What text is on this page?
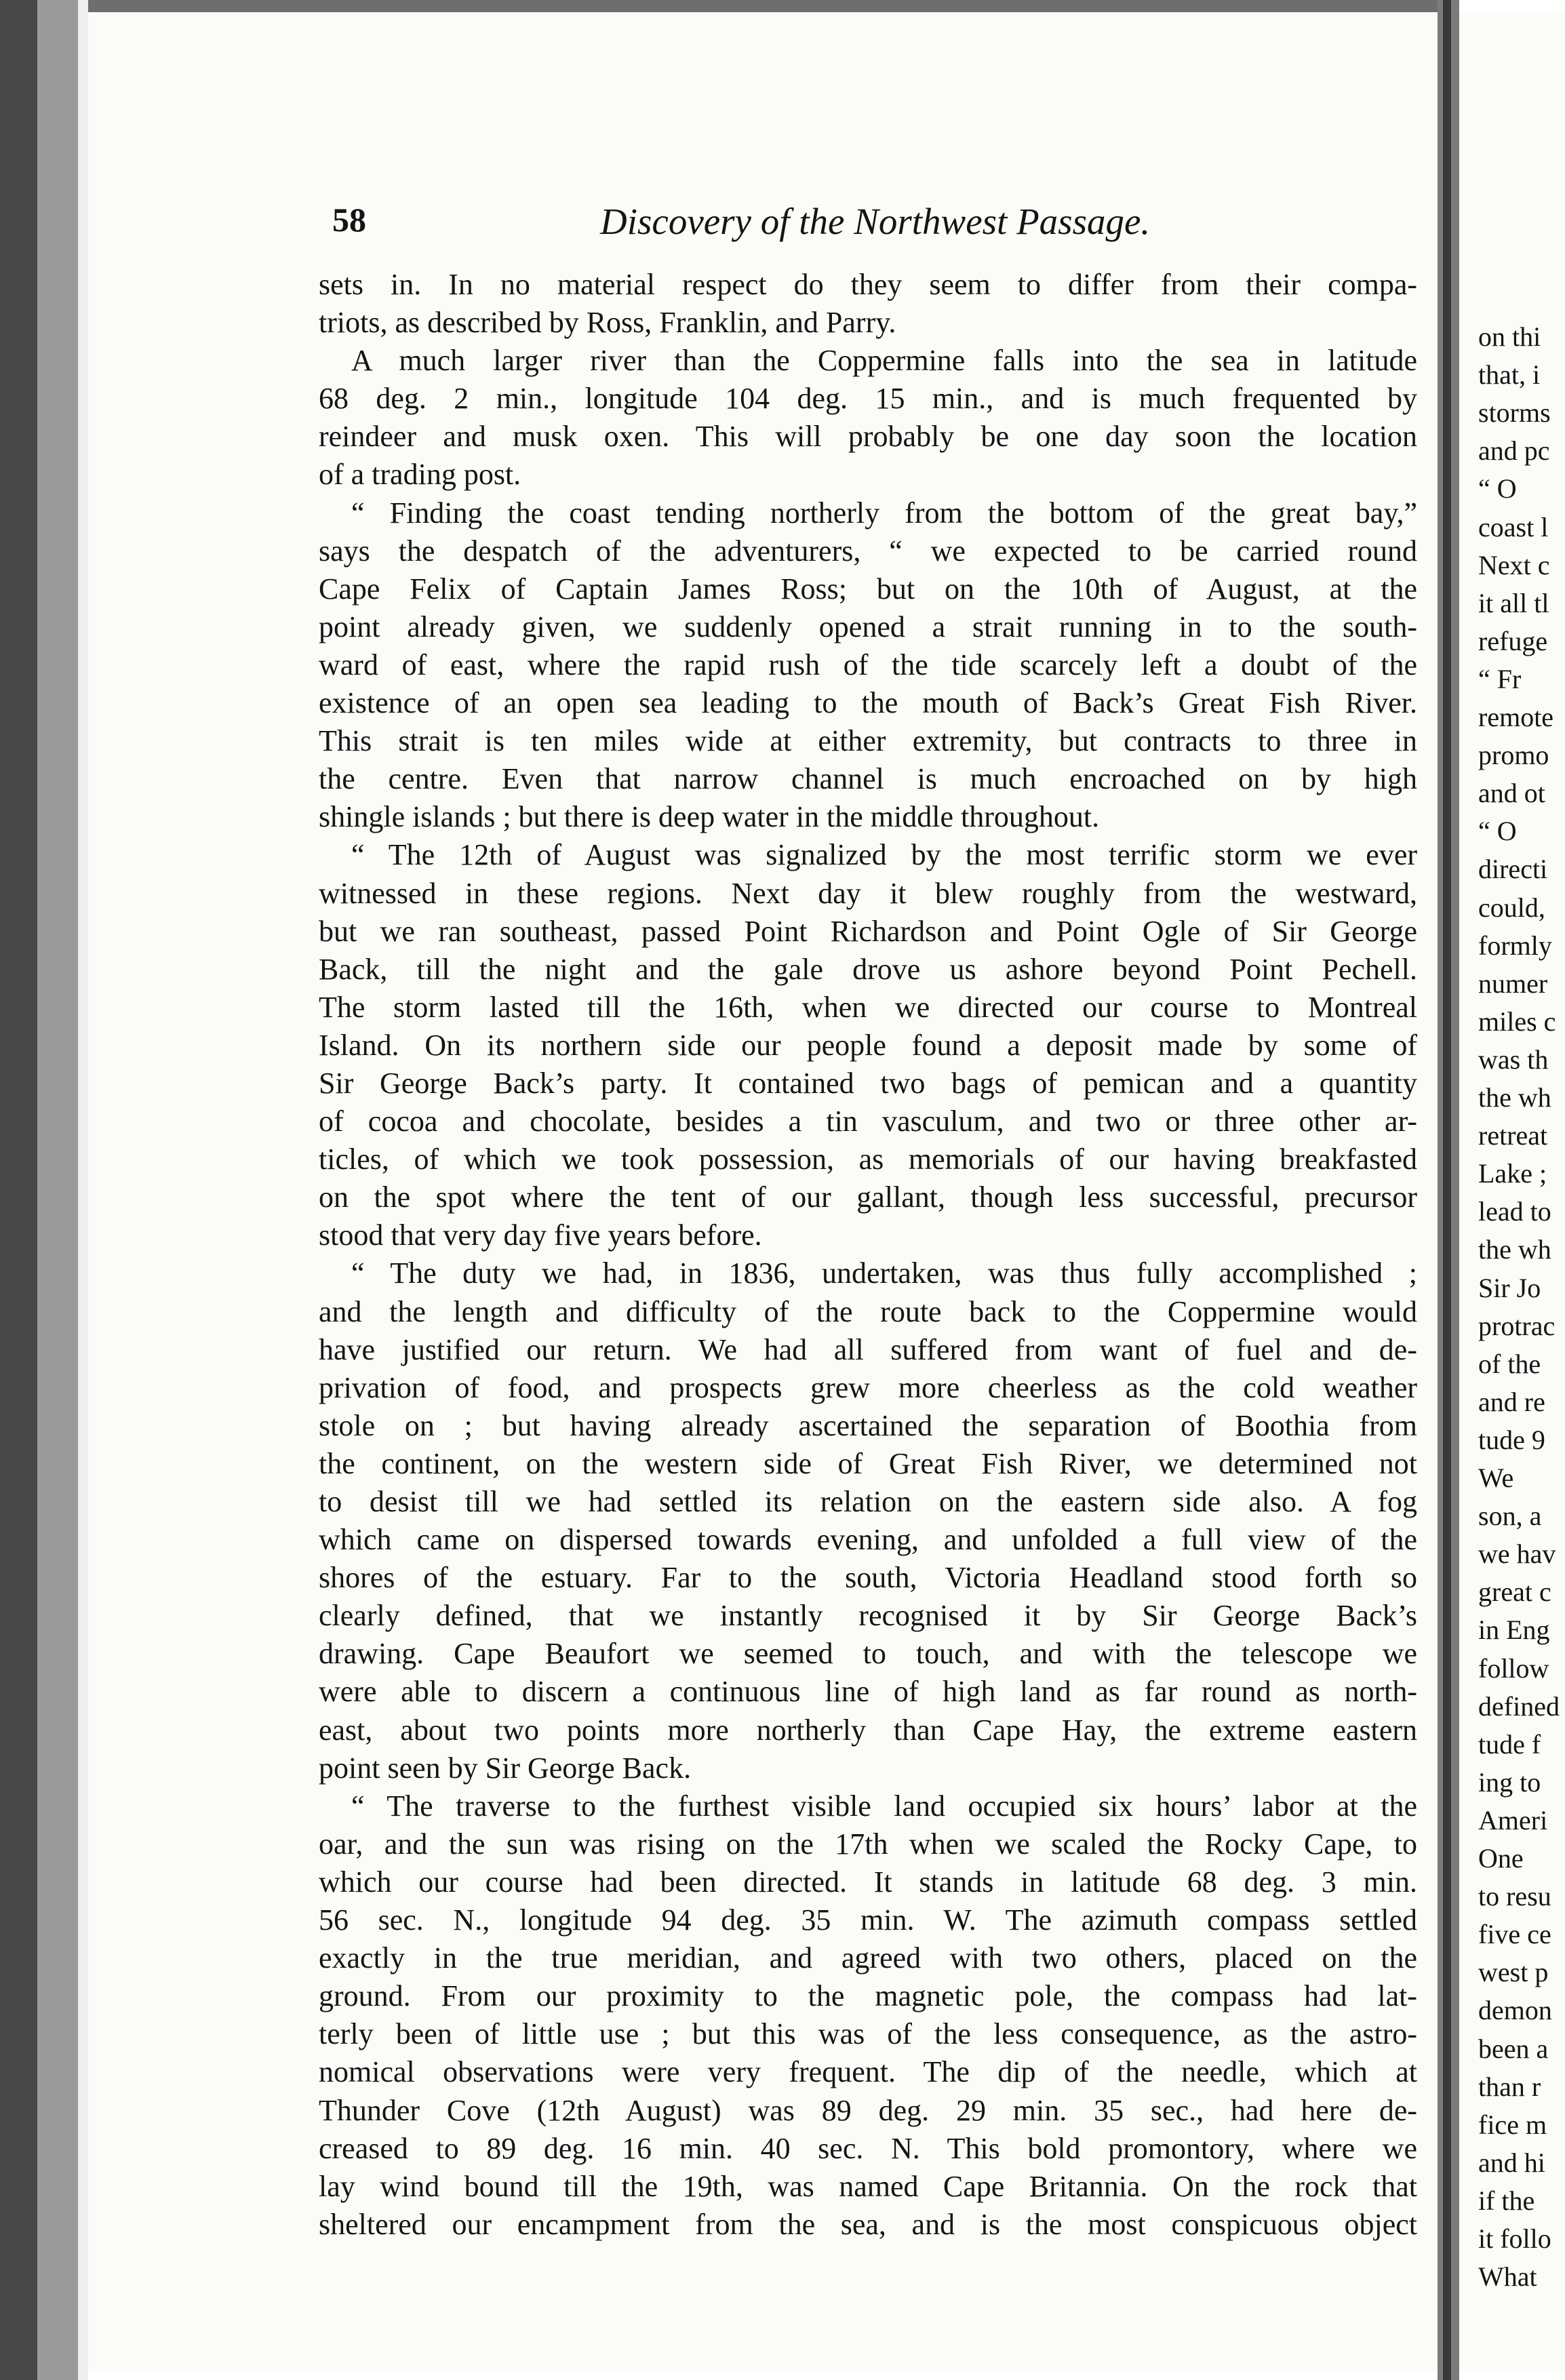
on thi
that, i
storms
and pc
“ O
coast l
Next c
it all tl
refuge
“ Fr
remote
promo
and ot
“ O
directi
could,
formly
numer
miles c
was th
the wh
retreat
Lake ;
lead to
the wh
Sir Jo
protrac
of the
and re
tude 9
We
son, a
we hav
great c
in Eng
follow
defined
tude f
ing to
Ameri
One
to resu
five ce
west p
demon
been a
than r
fice m
and hi
if the
it follo
What
58	Discovery of the Northwest Passage.
sets in. In no material respect do they seem to differ from their compa-
triots, as described by Ross, Franklin, and Parry.
A much larger river than the Coppermine falls into the sea in latitude
68 deg. 2 min., longitude 104 deg. 15 min., and is much frequented by
reindeer and musk oxen. This will probably be one day soon the location
of a trading post.
“ Finding the coast tending northerly from the bottom of the great bay,”
says the despatch of the adventurers, “ we expected to be carried round
Cape Felix of Captain James Ross; but on the 10th of August, at the
point already given, we suddenly opened a strait running in to the south-
ward of east, where the rapid rush of the tide scarcely left a doubt of the
existence of an open sea leading to the mouth of Back’s Great Fish River.
This strait is ten miles wide at either extremity, but contracts to three in
the centre. Even that narrow channel is much encroached on by high
shingle islands ; but there is deep water in the middle throughout.
“ The 12th of August was signalized by the most terrific storm we ever
witnessed in these regions. Next day it blew roughly from the westward,
but we ran southeast, passed Point Richardson and Point Ogle of Sir George
Back, till the night and the gale drove us ashore beyond Point Pechell.
The storm lasted till the 16th, when we directed our course to Montreal
Island. On its northern side our people found a deposit made by some of
Sir George Back’s party. It contained two bags of pemican and a quantity
of cocoa and chocolate, besides a tin vasculum, and two or three other ar-
ticles, of which we took possession, as memorials of our having breakfasted
on the spot where the tent of our gallant, though less successful, precursor
stood that very day five years before.
“ The duty we had, in 1836, undertaken, was thus fully accomplished ;
and the length and difficulty of the route back to the Coppermine would
have justified our return. We had all suffered from want of fuel and de-
privation of food, and prospects grew more cheerless as the cold weather
stole on ; but having already ascertained the separation of Boothia from
the continent, on the western side of Great Fish River, we determined not
to desist till we had settled its relation on the eastern side also. A fog
which came on dispersed towards evening, and unfolded a full view of the
shores of the estuary. Far to the south, Victoria Headland stood forth so
clearly defined, that we instantly recognised it by Sir George Back’s
drawing. Cape Beaufort we seemed to touch, and with the telescope we
were able to discern a continuous line of high land as far round as north-
east, about two points more northerly than Cape Hay, the extreme eastern
point seen by Sir George Back.
“ The traverse to the furthest visible land occupied six hours’ labor at the
oar, and the sun was rising on the 17th when we scaled the Rocky Cape, to
which our course had been directed. It stands in latitude 68 deg. 3 min.
56 sec. N., longitude 94 deg. 35 min. W. The azimuth compass settled
exactly in the true meridian, and agreed with two others, placed on the
ground. From our proximity to the magnetic pole, the compass had lat-
terly been of little use ; but this was of the less consequence, as the astro-
nomical observations were very frequent. The dip of the needle, which at
Thunder Cove (12th August) was 89 deg. 29 min. 35 sec., had here de-
creased to 89 deg. 16 min. 40 sec. N. This bold promontory, where we
lay wind bound till the 19th, was named Cape Britannia. On the rock that
sheltered our encampment from the sea, and is the most conspicuous object
